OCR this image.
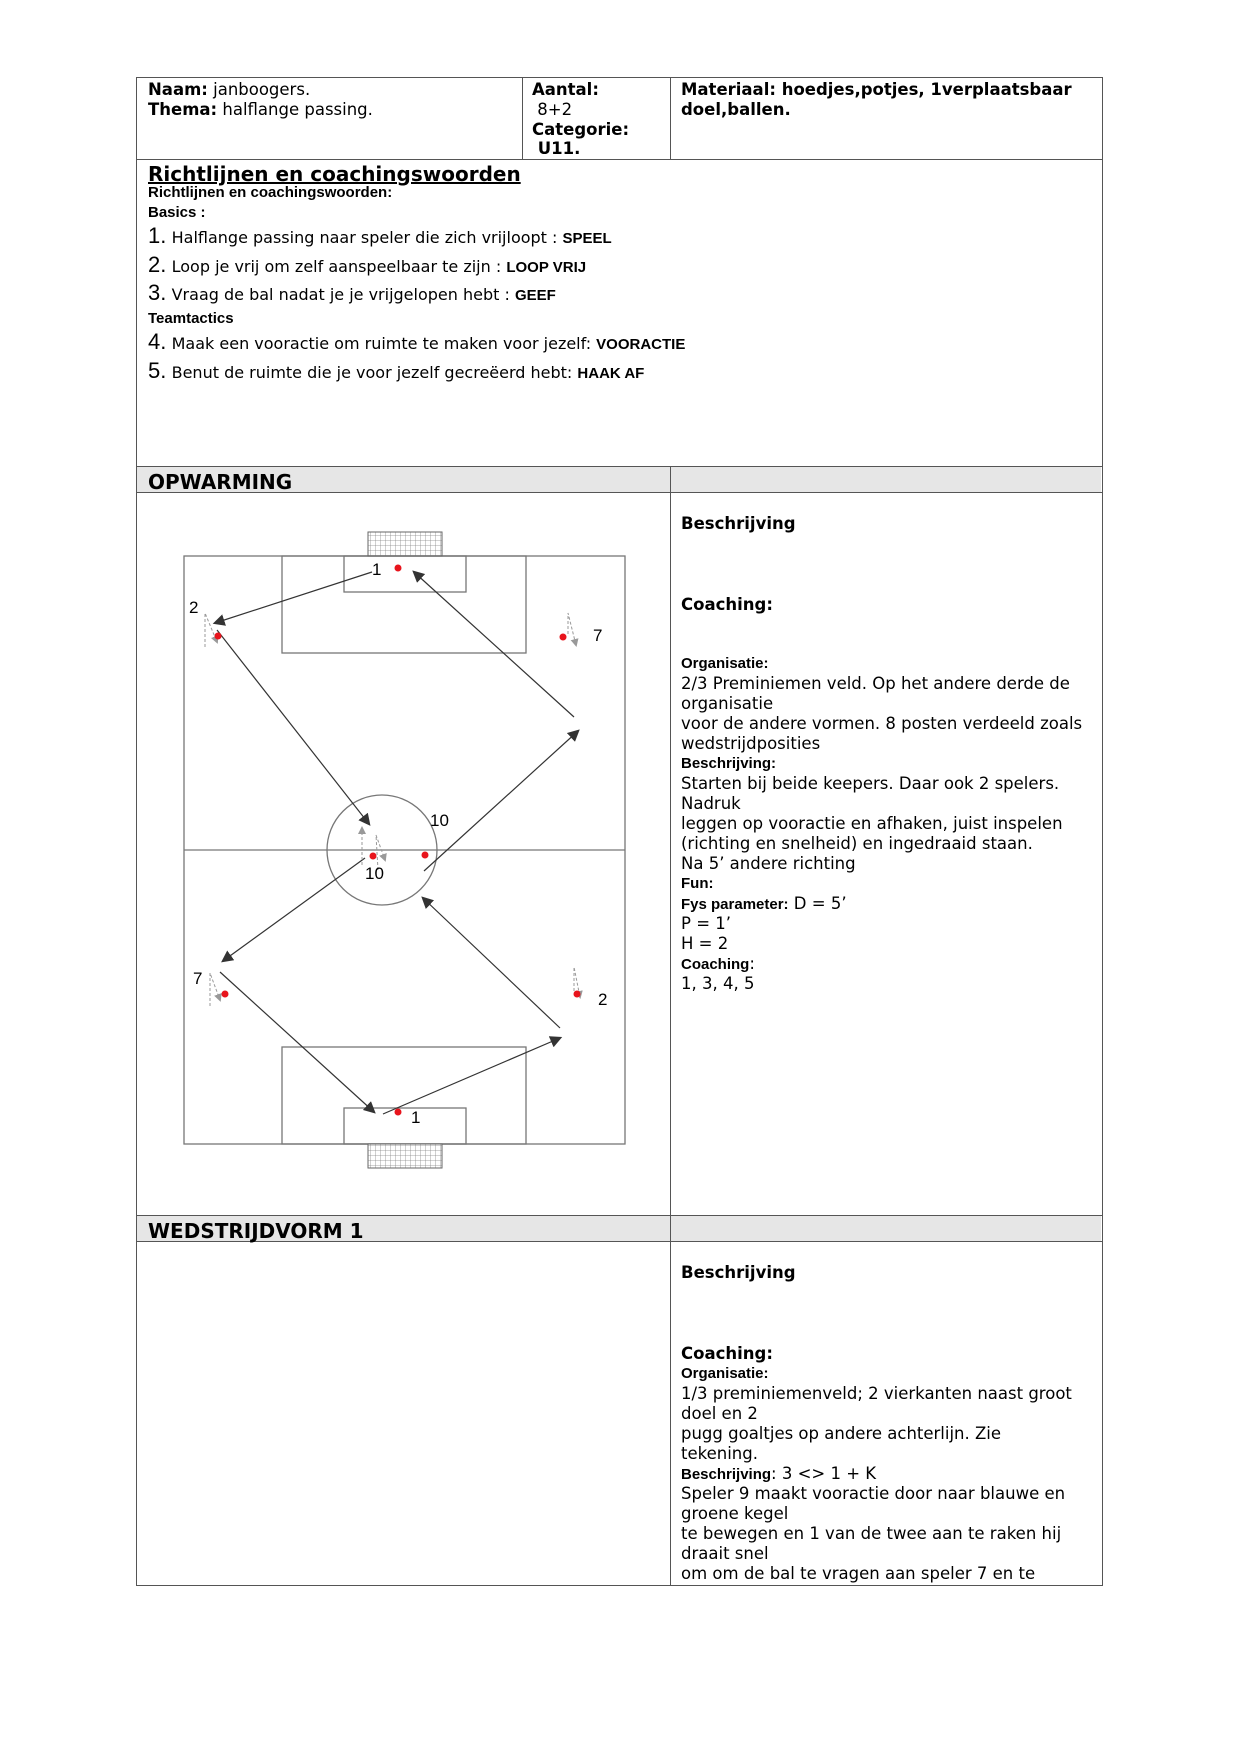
Naam: janboogers.
Thema: halflange passing.
Aantal:
8+2
Categorie:
U11.
Materiaal: hoedjes,potjes, 1verplaatsbaar doel,ballen.
Richtlijnen en coachingswoorden
Richtlijnen en coachingswoorden:
Basics :
1. Halflange passing naar speler die zich vrijloopt : SPEEL
2. Loop je vrij om zelf aanspeelbaar te zijn : LOOP VRIJ
3. Vraag de bal nadat je je vrijgelopen hebt : GEEF
Teamtactics
4. Maak een vooractie om ruimte te maken voor jezelf: VOORACTIE
5. Benut de ruimte die je voor jezelf gecreëerd hebt: HAAK AF
OPWARMING
1
2
7
10
10
7
2
1
Beschrijving
Coaching:
Organisatie:
2/3 Preminiemen veld. Op het andere derde de
organisatie
voor de andere vormen. 8 posten verdeeld zoals
wedstrijdposities
Beschrijving:
Starten bij beide keepers. Daar ook 2 spelers.
Nadruk
leggen op vooractie en afhaken, juist inspelen
(richting en snelheid) en ingedraaid staan.
Na 5’ andere richting
Fun:
Fys parameter: D = 5’
P = 1’
H = 2
Coaching:
1, 3, 4, 5
WEDSTRIJDVORM 1
Beschrijving
Coaching:
Organisatie:
1/3 preminiemenveld; 2 vierkanten naast groot
doel en 2
pugg goaltjes op andere achterlijn. Zie
tekening.
Beschrijving: 3 <> 1 + K
Speler 9 maakt vooractie door naar blauwe en
groene kegel
te bewegen en 1 van de twee aan te raken hij
draait snel
om om de bal te vragen aan speler 7 en te
